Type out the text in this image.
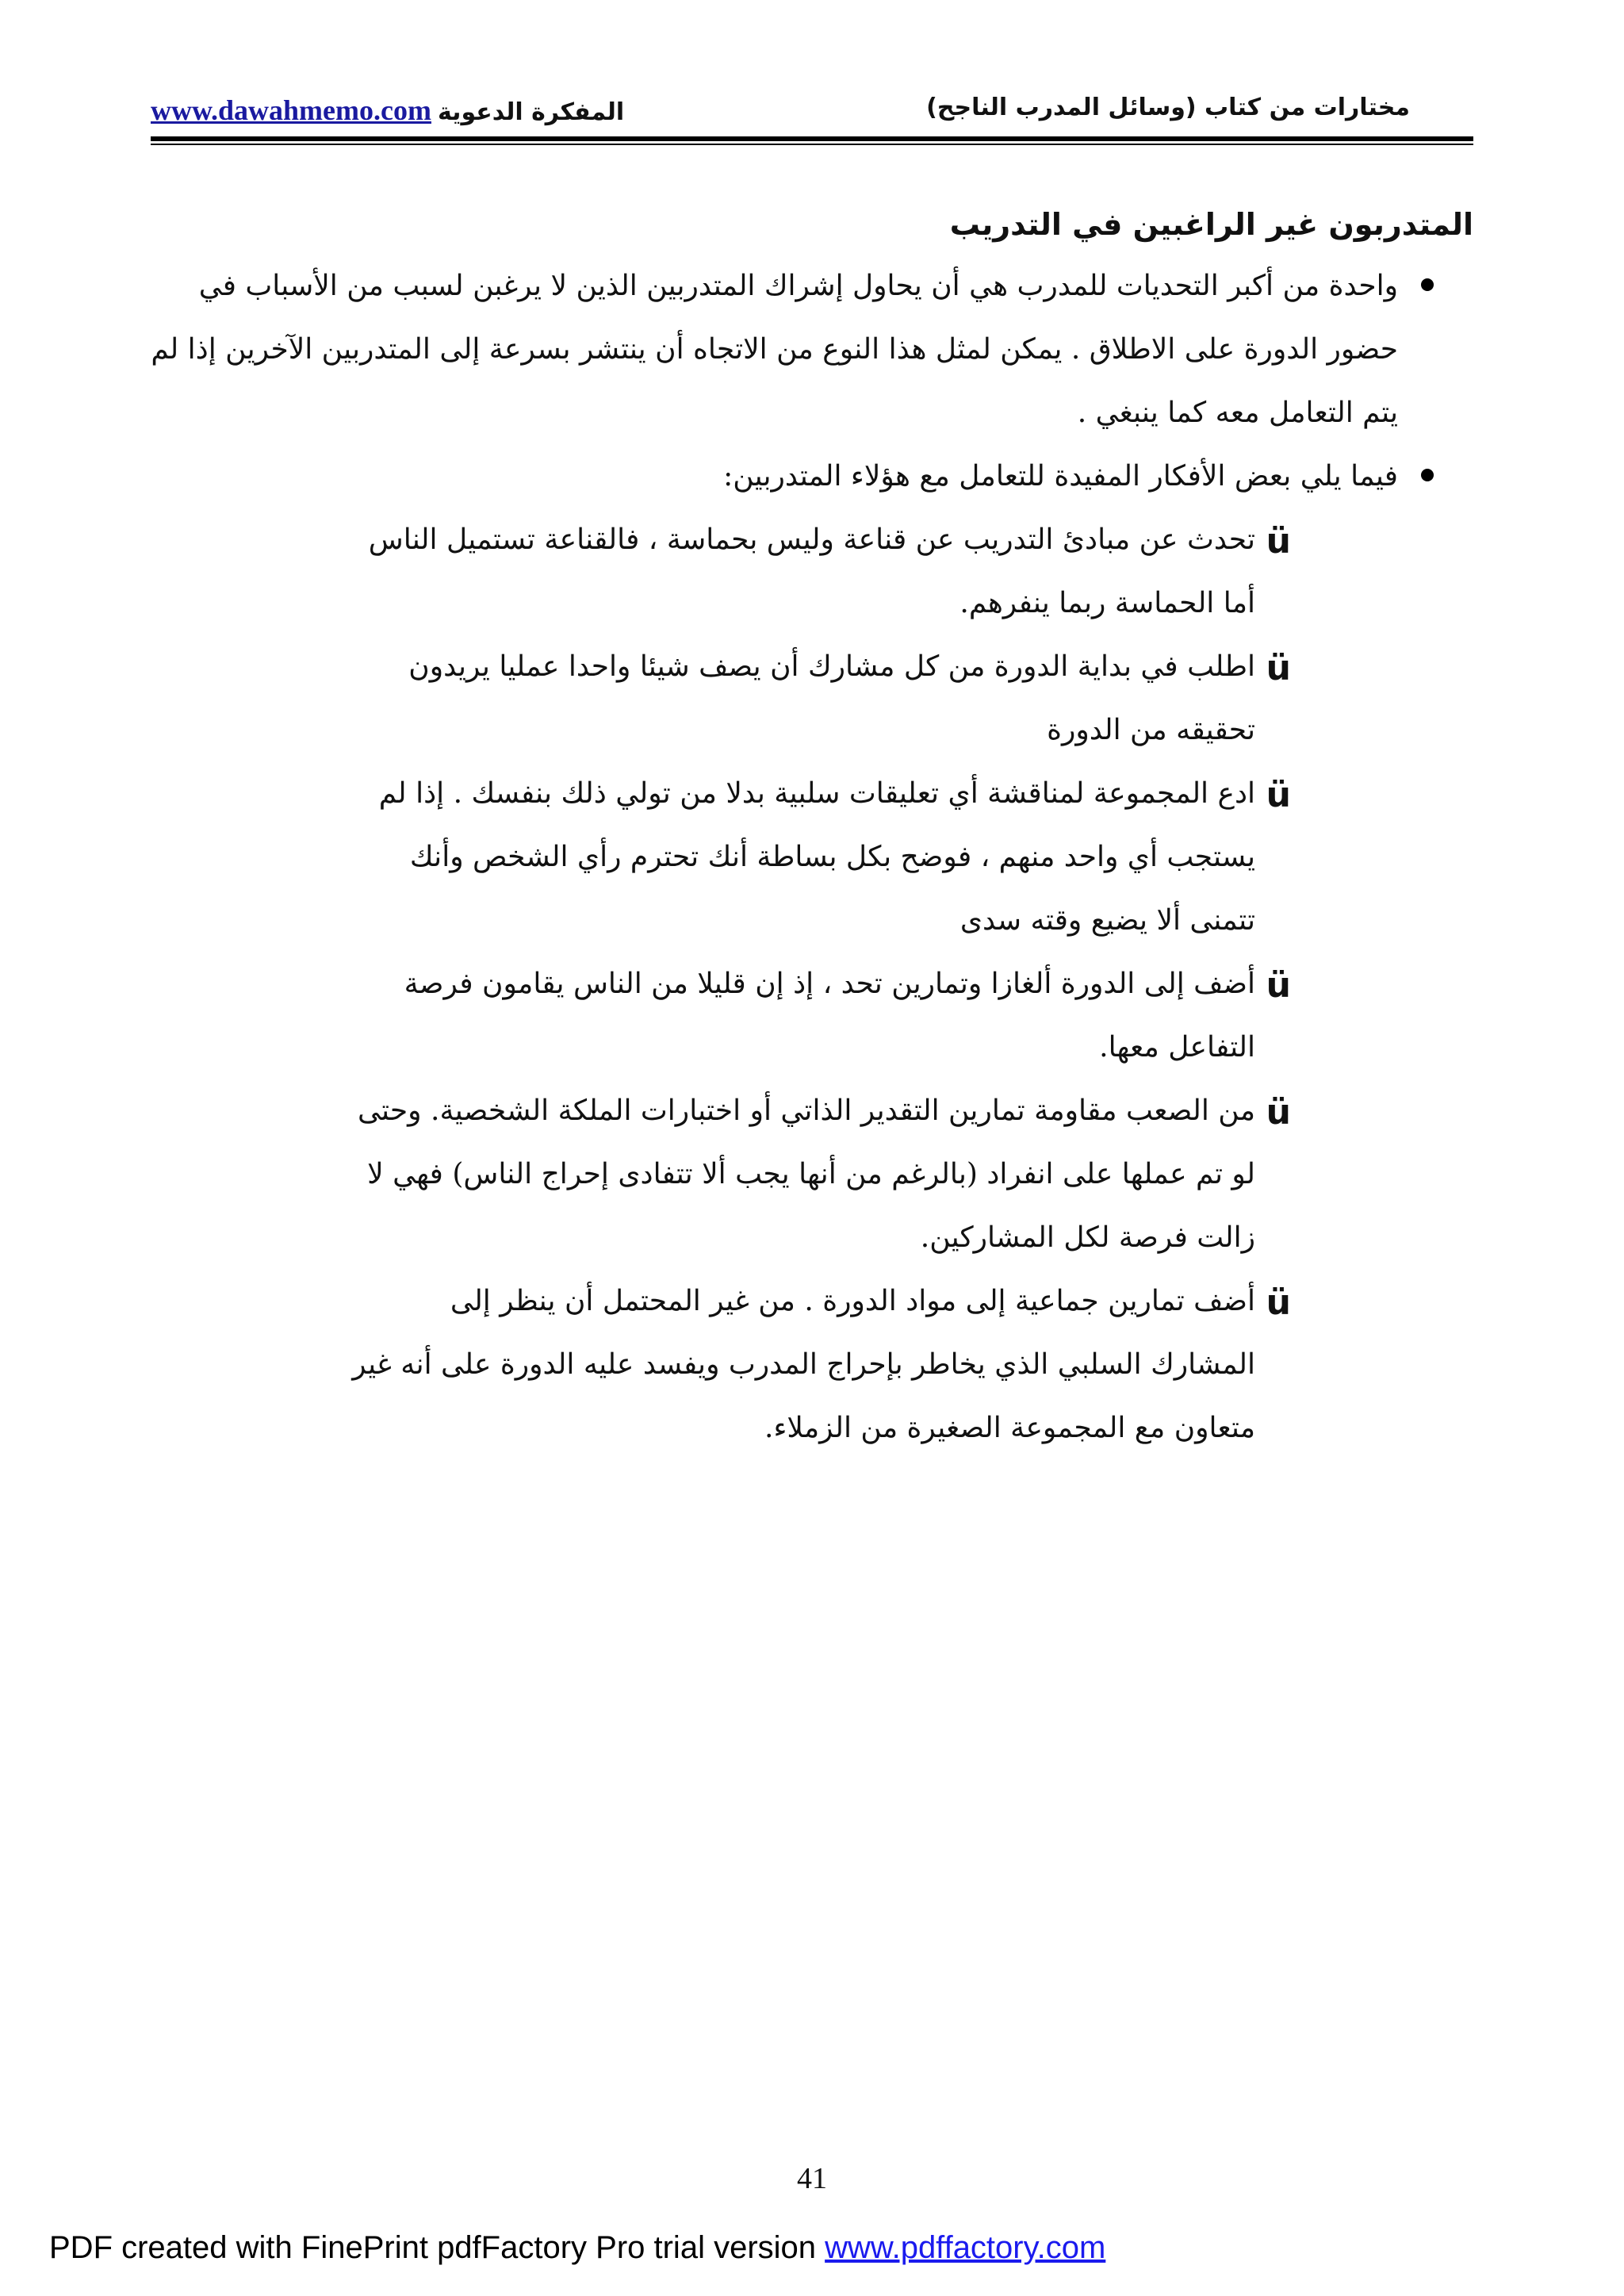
مختارات من كتاب (وسائل المدرب الناجح)
www.dawahmemo.com المفكرة الدعوية

المتدربون غير الراغبين في التدريب

واحدة من أكبر التحديات للمدرب هي أن يحاول إشراك المتدربين الذين لا يرغبن لسبب من الأسباب في حضور الدورة على الاطلاق . يمكن لمثل هذا النوع من الاتجاه أن ينتشر بسرعة إلى المتدربين الآخرين إذا لم يتم التعامل معه كما ينبغي .

فيما يلي بعض الأفكار المفيدة للتعامل مع هؤلاء المتدربين:

ü
تحدث عن مبادئ التدريب عن قناعة وليس بحماسة ، فالقناعة تستميل الناس أما الحماسة ربما ينفرهم.

ü
اطلب في بداية الدورة من كل مشارك أن يصف شيئا واحدا عمليا يريدون تحقيقه من الدورة

ü
ادع المجموعة لمناقشة أي تعليقات سلبية بدلا من تولي ذلك بنفسك . إذا لم يستجب أي واحد منهم ، فوضح بكل بساطة أنك تحترم رأي الشخص وأنك تتمنى ألا يضيع وقته سدى

ü
أضف إلى الدورة ألغازا وتمارين تحد ، إذ إن قليلا من الناس يقامون فرصة التفاعل معها.

ü
من الصعب مقاومة تمارين التقدير الذاتي أو اختبارات الملكة الشخصية. وحتى لو تم عملها على انفراد (بالرغم من أنها يجب ألا تتفادى إحراج الناس) فهي لا زالت فرصة لكل المشاركين.

ü
أضف تمارين جماعية إلى مواد الدورة . من غير المحتمل أن ينظر إلى المشارك السلبي الذي يخاطر بإحراج المدرب ويفسد عليه الدورة على أنه غير متعاون مع المجموعة الصغيرة من الزملاء.

41
PDF created with FinePrint pdfFactory Pro trial version www.pdffactory.com
